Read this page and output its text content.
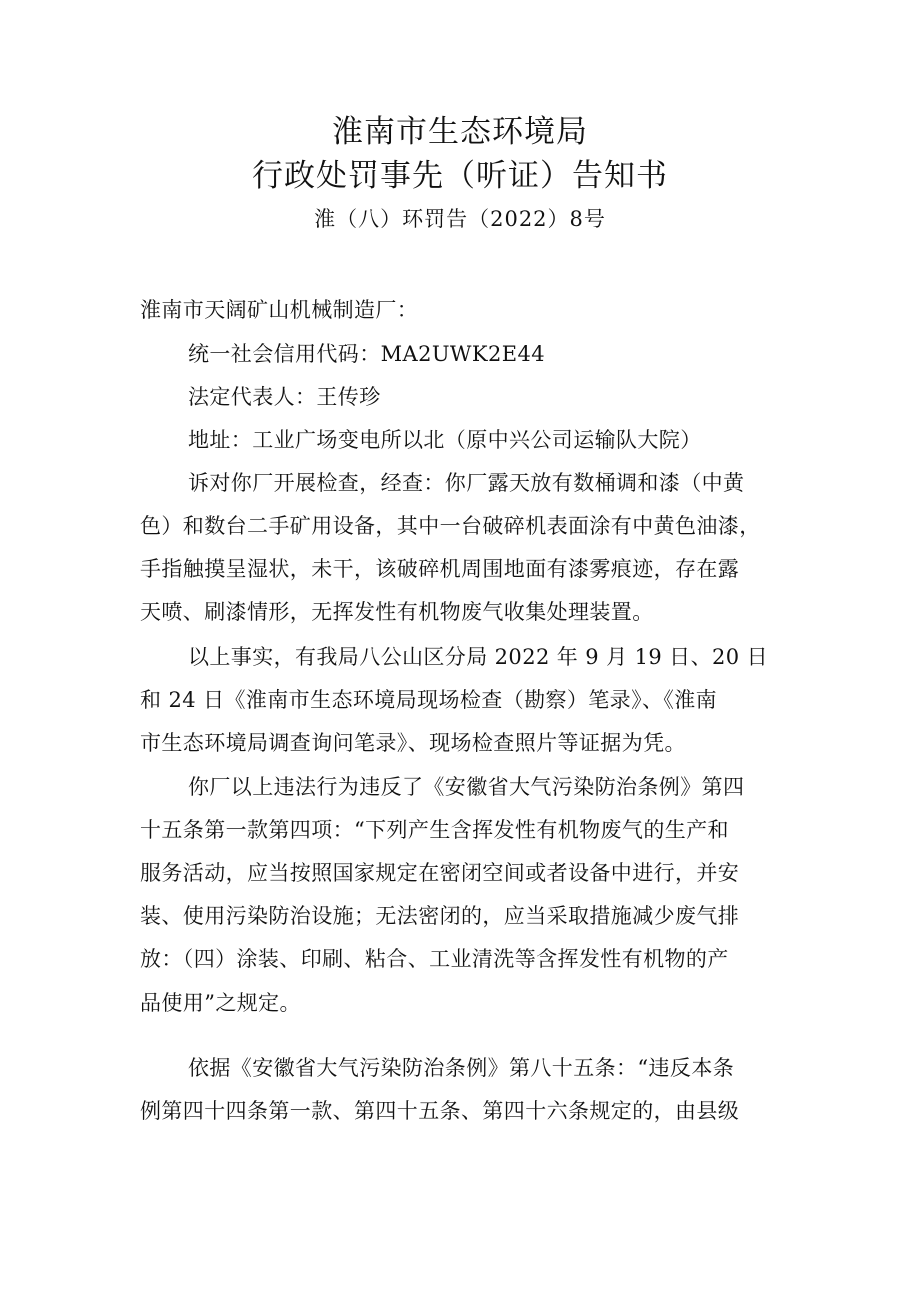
淮南市生态环境局
行政处罚事先（听证）告知书
淮（八）环罚告（2022）8号
淮南市天阔矿山机械制造厂：
统一社会信用代码：MA2UWK2E44
法定代表人：王传珍
地址：工业广场变电所以北（原中兴公司运输队大院）
诉对你厂开展检查，经查：你厂露天放有数桶调和漆（中黄
色）和数台二手矿用设备，其中一台破碎机表面涂有中黄色油漆，
手指触摸呈湿状，未干，该破碎机周围地面有漆雾痕迹，存在露
天喷、刷漆情形，无挥发性有机物废气收集处理装置。
以上事实，有我局八公山区分局 2022 年 9 月 19 日、20 日
和 24 日《淮南市生态环境局现场检查（勘察）笔录》、《淮南
市生态环境局调查询问笔录》、现场检查照片等证据为凭。
你厂以上违法行为违反了《安徽省大气污染防治条例》第四
十五条第一款第四项：“下列产生含挥发性有机物废气的生产和
服务活动，应当按照国家规定在密闭空间或者设备中进行，并安
装、使用污染防治设施；无法密闭的，应当采取措施减少废气排
放：（四）涂装、印刷、粘合、工业清洗等含挥发性有机物的产
品使用”之规定。
依据《安徽省大气污染防治条例》第八十五条：“违反本条
例第四十四条第一款、第四十五条、第四十六条规定的，由县级
